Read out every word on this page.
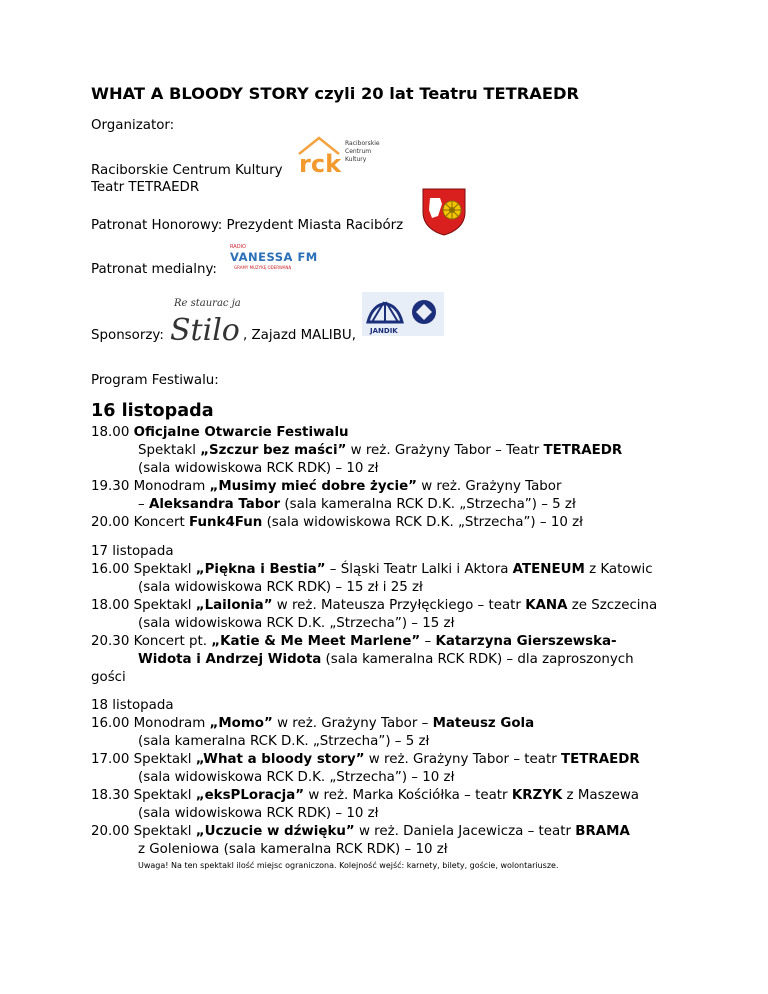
WHAT A BLOODY STORY czyli 20 lat Teatru TETRAEDR
Organizator:
Raciborskie Centrum Kultury
Teatr TETRAEDR
rck
Raciborskie
Centrum
Kultury
Patronat Honorowy: Prezydent Miasta Racibórz
Patronat medialny:
RADIO
VANESSA FM
GRAMY MUZYKĘ ODERWANĄ
Sponsorzy:
Re staurac ja
Stilo , Zajazd MALIBU, JANDIK
Program Festiwalu:
16 listopada
18.00 Oficjalne Otwarcie Festiwalu
Spektakl „Szczur bez maści” w reż. Grażyny Tabor – Teatr TETRAEDR
(sala widowiskowa RCK RDK) – 10 zł
19.30 Monodram „Musimy mieć dobre życie” w reż. Grażyny Tabor
– Aleksandra Tabor (sala kameralna RCK D.K. „Strzecha”) – 5 zł
20.00 Koncert Funk4Fun (sala widowiskowa RCK D.K. „Strzecha”) – 10 zł
17 listopada
16.00 Spektakl „Piękna i Bestia” – Śląski Teatr Lalki i Aktora ATENEUM z Katowic
(sala widowiskowa RCK RDK) – 15 zł i 25 zł
18.00 Spektakl „Lailonia” w reż. Mateusza Przyłęckiego – teatr KANA ze Szczecina
(sala widowiskowa RCK D.K. „Strzecha”) – 15 zł
20.30 Koncert pt. „Katie & Me Meet Marlene” – Katarzyna Gierszewska-
Widota i Andrzej Widota (sala kameralna RCK RDK) – dla zaproszonych
gości
18 listopada
16.00 Monodram „Momo” w reż. Grażyny Tabor – Mateusz Gola
(sala kameralna RCK D.K. „Strzecha”) – 5 zł
17.00 Spektakl „What a bloody story” w reż. Grażyny Tabor – teatr TETRAEDR
(sala widowiskowa RCK D.K. „Strzecha”) – 10 zł
18.30 Spektakl „eksPLoracja” w reż. Marka Kościółka – teatr KRZYK z Maszewa
(sala widowiskowa RCK RDK) – 10 zł
20.00 Spektakl „Uczucie w dźwięku” w reż. Daniela Jacewicza – teatr BRAMA
z Goleniowa (sala kameralna RCK RDK) – 10 zł
Uwaga! Na ten spektakl ilość miejsc ograniczona. Kolejność wejść: karnety, bilety, goście, wolontariusze.
